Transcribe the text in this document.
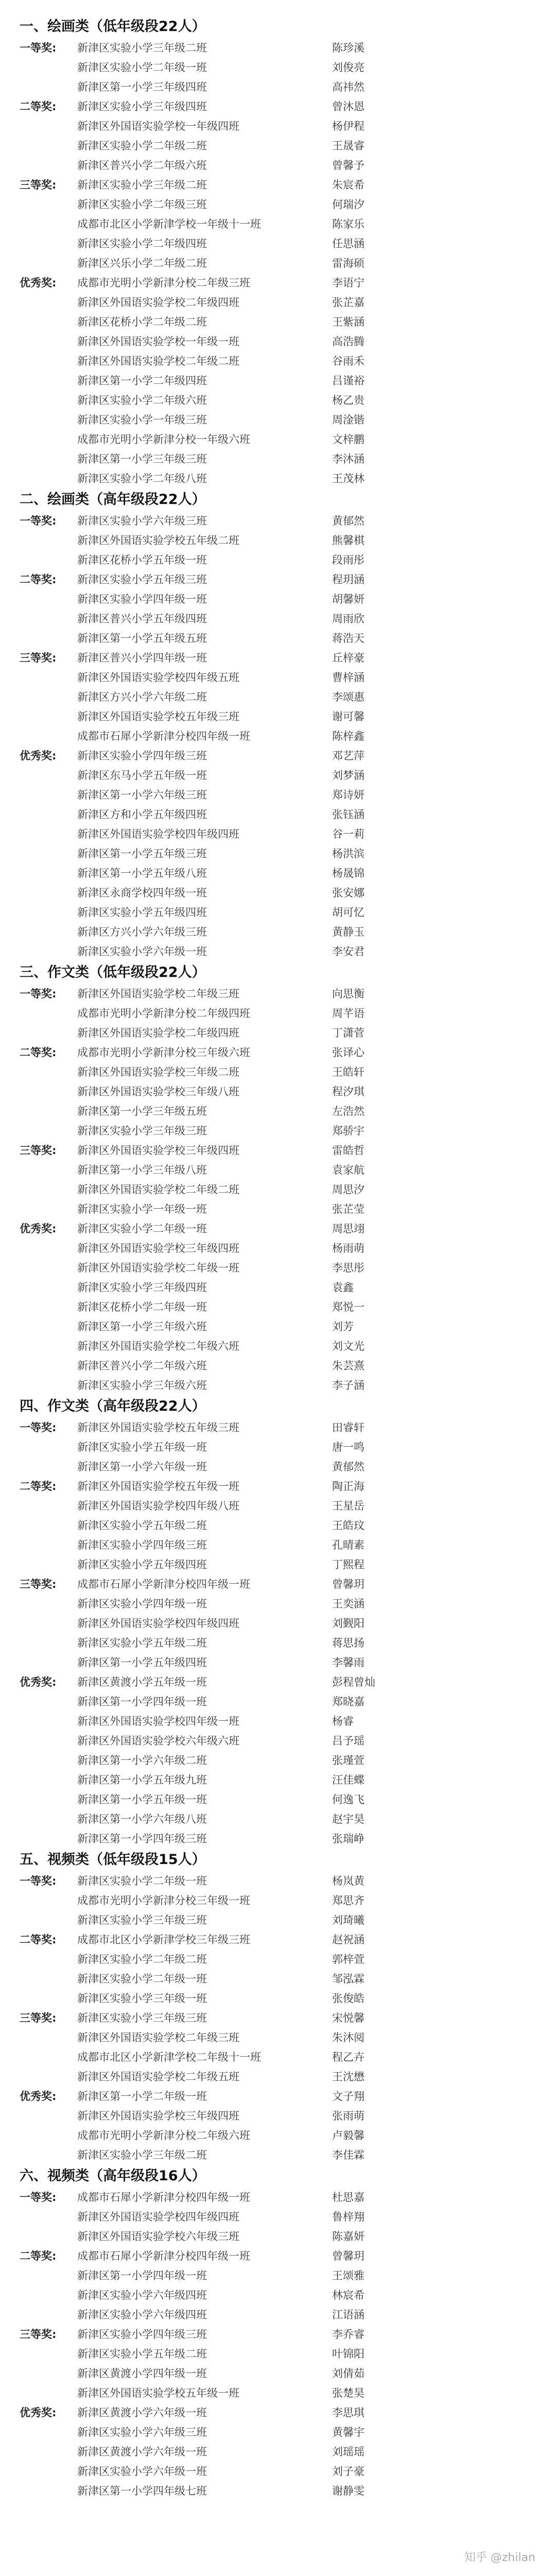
一、绘画类（低年级段22人）
一等奖: 新津区实验小学三年级二班	陈珍溪
新津区实验小学二年级一班	刘俊亮
新津区第一小学三年级四班	高祎然
二等奖: 新津区实验小学三年级四班	曾沐恩
新津区外国语实验学校一年级四班	杨伊程
新津区实验小学二年级二班	王晟睿
新津区普兴小学二年级六班	曾馨予
三等奖: 新津区实验小学三年级二班	朱宸希
新津区实验小学二年级三班	何瑞汐
成都市北区小学新津学校一年级十一班	陈家乐
新津区实验小学二年级四班	任思涵
新津区兴乐小学二年级二班	雷海硕
优秀奖: 成都市光明小学新津分校二年级三班	李语宁
新津区外国语实验学校二年级四班	张芷嘉
新津区花桥小学二年级二班	王紫涵
新津区外国语实验学校一年级一班	高浩腾
新津区外国语实验学校二年级二班	谷雨禾
新津区第一小学二年级四班	吕谨裕
新津区实验小学二年级六班	杨乙贵
新津区实验小学一年级三班	周淦锴
成都市光明小学新津分校一年级六班	文梓鹏
新津区第一小学三年级三班	李沐涵
新津区实验小学二年级八班	王茂林
二、绘画类（高年级段22人）
一等奖: 新津区实验小学六年级三班	黄郁然
新津区外国语实验学校五年级二班	熊馨棋
新津区花桥小学五年级一班	段雨彤
二等奖: 新津区实验小学五年级三班	程玥涵
新津区实验小学四年级一班	胡馨妍
新津区普兴小学五年级四班	周雨欣
新津区第一小学五年级五班	蒋浩天
三等奖: 新津区普兴小学四年级一班	丘梓豪
新津区外国语实验学校四年级五班	曹梓涵
新津区方兴小学六年级二班	李颂惠
新津区外国语实验学校五年级三班	谢可馨
成都市石犀小学新津分校四年级一班	陈梓鑫
优秀奖: 新津区实验小学四年级三班	邓艺萍
新津区东马小学五年级一班	刘梦涵
新津区第一小学六年级三班	郑诗妍
新津区方和小学五年级四班	张钰涵
新津区外国语实验学校四年级四班	谷一莉
新津区第一小学五年级三班	杨洪滨
新津区第一小学五年级八班	杨晟锦
新津区永商学校四年级一班	张安娜
新津区实验小学五年级四班	胡可忆
新津区方兴小学六年级三班	黄静玉
新津区实验小学六年级一班	李安君
三、作文类（低年级段22人）
一等奖: 新津区外国语实验学校二年级三班	向思衡
成都市光明小学新津分校二年级四班	周芊语
新津区外国语实验学校二年级四班	丁潇菅
二等奖: 成都市光明小学新津分校三年级六班	张译心
新津区外国语实验学校三年级二班	王皓轩
新津区外国语实验学校三年级八班	程汐琪
新津区第一小学三年级五班	左浩然
新津区实验小学三年级三班	郑骄宇
三等奖: 新津区外国语实验学校三年级四班	雷皓哲
新津区第一小学三年级八班	袁家航
新津区外国语实验学校二年级二班	周思汐
新津区实验小学一年级一班	张芷莹
优秀奖: 新津区实验小学二年级一班	周思翊
新津区外国语实验学校三年级四班	杨雨萌
新津区外国语实验学校二年级一班	李思彤
新津区实验小学三年级四班	袁鑫
新津区花桥小学二年级一班	郑悦一
新津区第一小学三年级六班	刘芳
新津区外国语实验学校二年级六班	刘文光
新津区普兴小学二年级六班	朱芸熹
新津区实验小学三年级六班	李子涵
四、作文类（高年级段22人）
一等奖: 新津区外国语实验学校五年级三班	田睿轩
新津区实验小学五年级一班	唐一鸣
新津区第一小学六年级一班	黄郁然
二等奖: 新津区外国语实验学校五年级一班	陶正海
新津区外国语实验学校四年级八班	王星岳
新津区实验小学五年级二班	王皓玟
新津区实验小学四年级三班	孔晴素
新津区实验小学五年级四班	丁熙程
三等奖: 成都市石犀小学新津分校四年级一班	曾馨玥
新津区实验小学四年级一班	王奕涵
新津区外国语实验学校四年级四班	刘觐阳
新津区实验小学五年级二班	蒋思扬
新津区第一小学五年级四班	李馨雨
优秀奖: 新津区黄渡小学五年级一班	彭程曾灿
新津区第一小学四年级一班	郑晓嘉
新津区外国语实验学校四年级一班	杨睿
新津区外国语实验学校六年级六班	吕予瑶
新津区第一小学六年级二班	张瑾萱
新津区第一小学五年级九班	汪佳蝶
新津区第一小学五年级一班	何逸飞
新津区第一小学六年级八班	赵宇昊
新津区第一小学四年级三班	张瑞峥
五、视频类（低年级段15人）
一等奖: 新津区实验小学二年级一班	杨岚黄
成都市光明小学新津分校三年级一班	郑思齐
新津区实验小学三年级三班	刘琦曦
二等奖: 成都市北区小学新津学校三年级三班	赵祝涵
新津区实验小学二年级二班	郭梓萱
新津区实验小学二年级一班	邹泓霖
新津区实验小学三年级一班	张俊皓
三等奖: 新津区实验小学三年级三班	宋悦馨
新津区外国语实验学校二年级三班	朱沐阅
成都市北区小学新津学校二年级十一班	程乙卉
新津区外国语实验学校二年级五班	王沈懋
优秀奖: 新津区第一小学二年级一班	文子翔
新津区外国语实验学校三年级四班	张雨萌
成都市光明小学新津分校二年级六班	卢毅馨
新津区实验小学三年级二班	李佳霖
六、视频类（高年级段16人）
一等奖: 成都市石犀小学新津分校四年级一班	杜思嘉
新津区外国语实验学校四年级四班	鲁梓翔
新津区外国语实验学校六年级三班	陈嘉妍
二等奖: 成都市石犀小学新津分校四年级一班	曾馨玥
新津区第一小学四年级一班	王颂雅
新津区实验小学六年级四班	林宸希
新津区实验小学六年级四班	江语涵
三等奖: 新津区实验小学四年级三班	李乔睿
新津区实验小学五年级二班	叶锦阳
新津区黄渡小学四年级一班	刘倩茹
新津区外国语实验学校五年级一班	张楚昊
优秀奖: 新津区黄渡小学六年级一班	李思琪
新津区实验小学六年级三班	黄馨宇
新津区黄渡小学六年级一班	刘瑶瑶
新津区实验小学六年级一班	刘子豪
新津区第一小学四年级七班	谢静雯
知乎 @zhilan
